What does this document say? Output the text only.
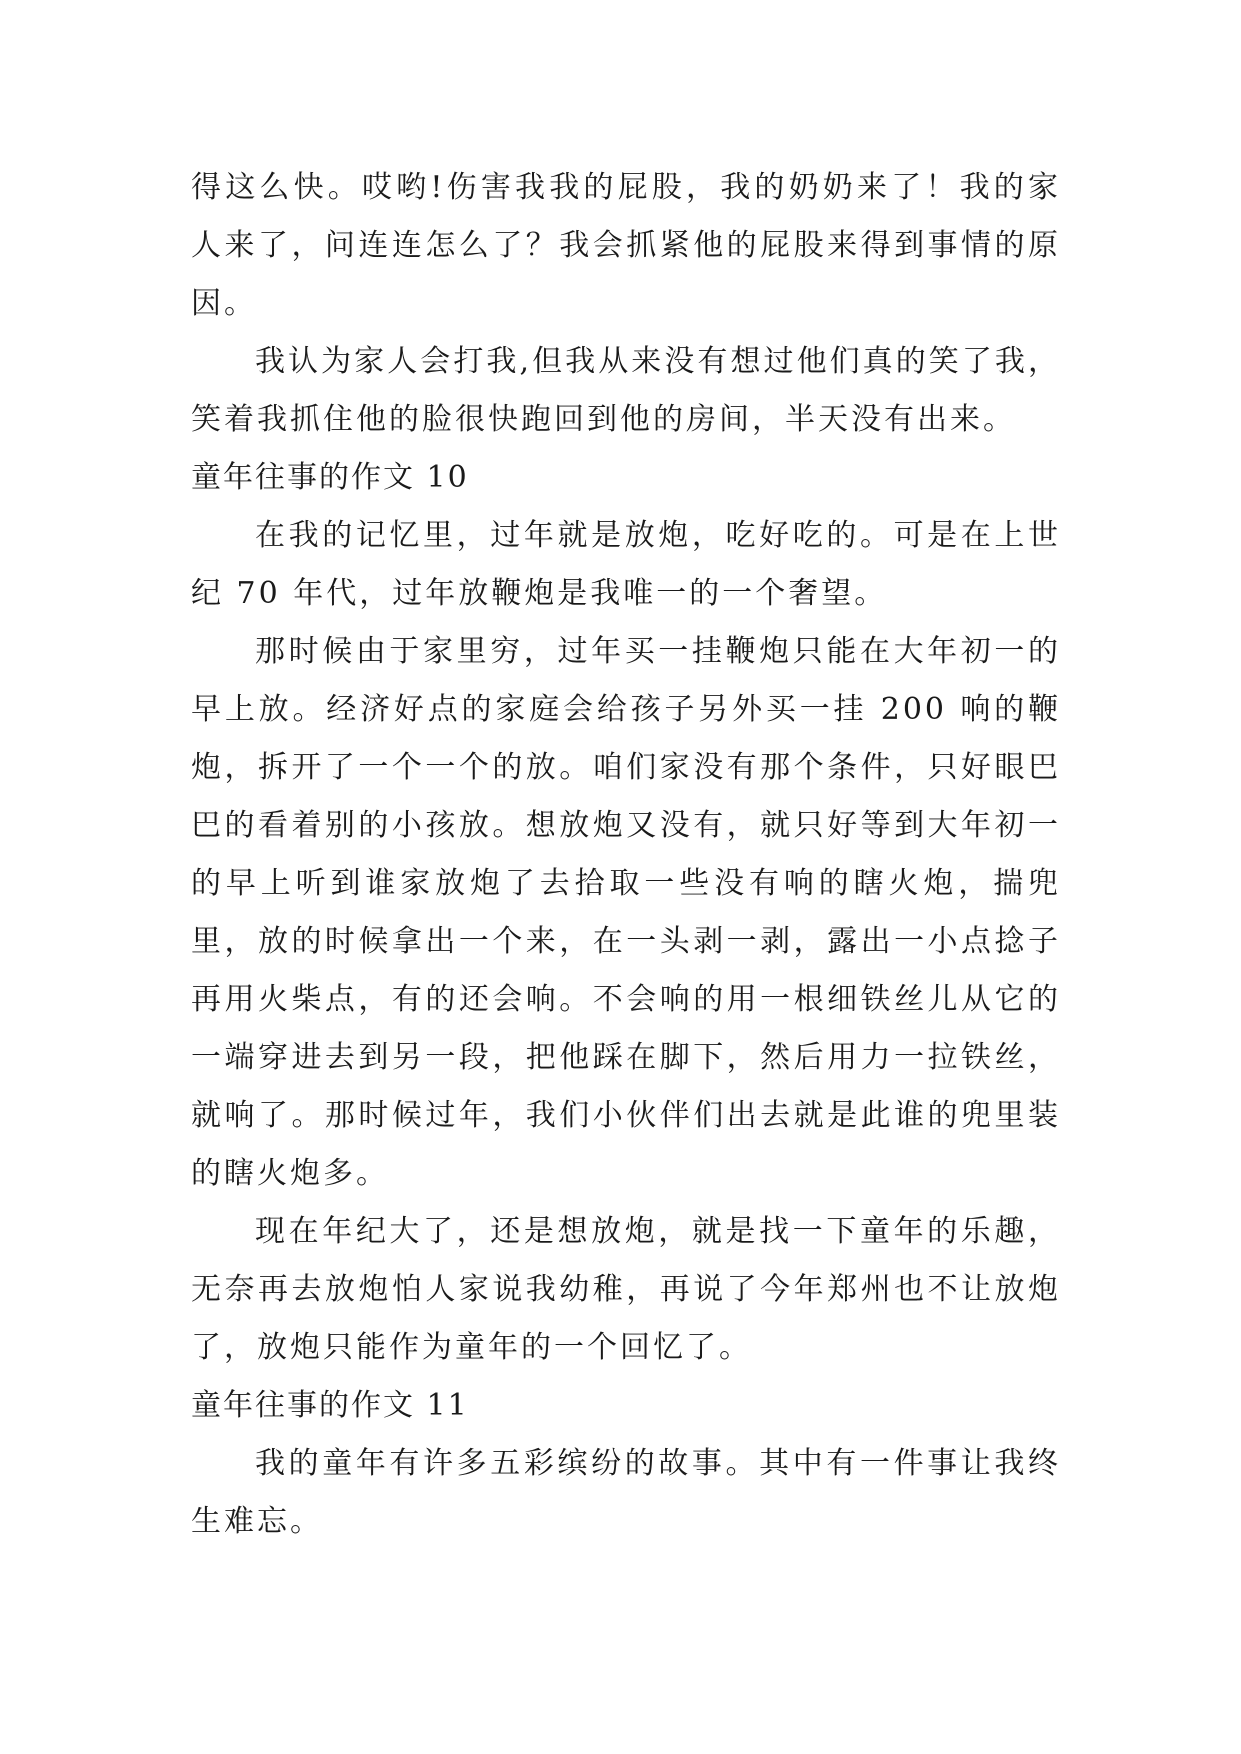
得这么快。哎哟!伤害我我的屁股，我的奶奶来了！我的家人来了，问连连怎么了？我会抓紧他的屁股来得到事情的原因。

我认为家人会打我,但我从来没有想过他们真的笑了我，笑着我抓住他的脸很快跑回到他的房间，半天没有出来。

童年往事的作文 10

在我的记忆里，过年就是放炮，吃好吃的。可是在上世纪 70 年代，过年放鞭炮是我唯一的一个奢望。

那时候由于家里穷，过年买一挂鞭炮只能在大年初一的早上放。经济好点的家庭会给孩子另外买一挂 200 响的鞭炮，拆开了一个一个的放。咱们家没有那个条件，只好眼巴巴的看着别的小孩放。想放炮又没有，就只好等到大年初一的早上听到谁家放炮了去拾取一些没有响的瞎火炮，揣兜里，放的时候拿出一个来，在一头剥一剥，露出一小点捻子再用火柴点，有的还会响。不会响的用一根细铁丝儿从它的一端穿进去到另一段，把他踩在脚下，然后用力一拉铁丝，就响了。那时候过年，我们小伙伴们出去就是此谁的兜里装的瞎火炮多。

现在年纪大了，还是想放炮，就是找一下童年的乐趣，无奈再去放炮怕人家说我幼稚，再说了今年郑州也不让放炮了，放炮只能作为童年的一个回忆了。

童年往事的作文 11

我的童年有许多五彩缤纷的故事。其中有一件事让我终生难忘。
